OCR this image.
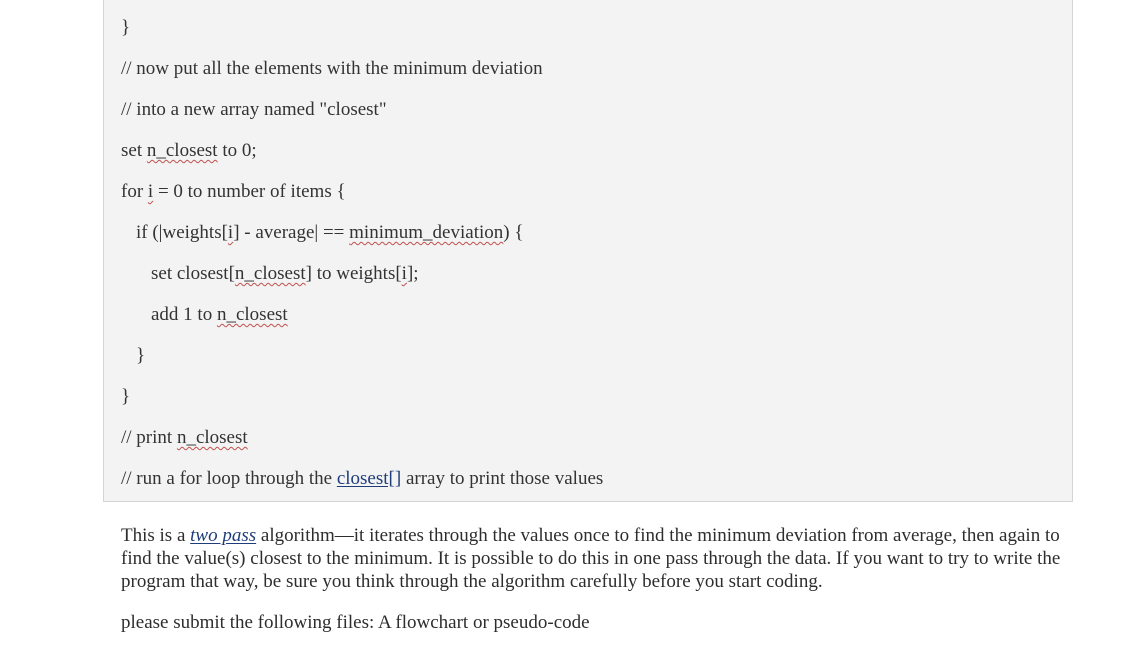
}
// now put all the elements with the minimum deviation
// into a new array named "closest"
set n_closest to 0;
for i = 0 to number of items {
if (|weights[i] - average| == minimum_deviation) {
set closest[n_closest] to weights[i];
add 1 to n_closest
}
}
// print n_closest
// run a for loop through the closest[] array to print those values
This is a two pass algorithm—it iterates through the values once to find the minimum deviation from average, then again to find the value(s) closest to the minimum. It is possible to do this in one pass through the data. If you want to try to write the program that way, be sure you think through the algorithm carefully before you start coding.
please submit the following files: A flowchart or pseudo-code
